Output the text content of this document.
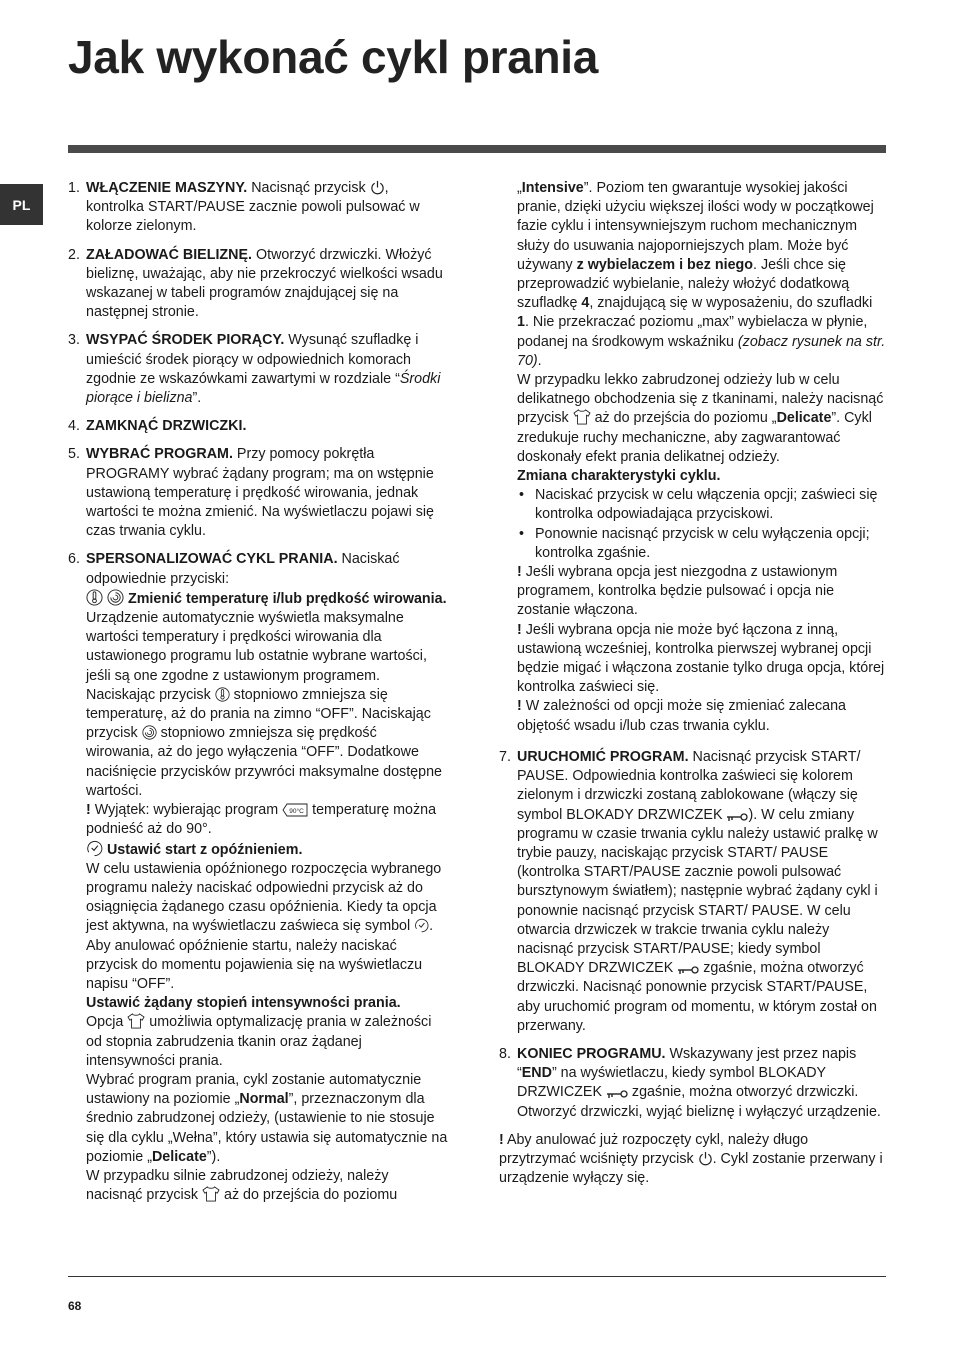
Jak wykonać cykl prania
PL
1. WŁĄCZENIE MASZYNY. Nacisnąć przycisk
, kontrolka START/PAUSE zacznie powoli pulsować w kolorze zielonym.

2. ZAŁADOWAĆ BIELIZNĘ. Otworzyć drzwiczki. Włożyć bieliznę, uważając, aby nie przekroczyć wielkości wsadu wskazanej w tabeli programów znajdującej się na następnej stronie.

3. WSYPAĆ ŚRODEK PIORĄCY. Wysunąć szufladkę i umieścić środek piorący w odpowiednich komorach zgodnie ze wskazówkami zawartymi w rozdziale “Środki piorące i bielizna”.

4. ZAMKNĄĆ DRZWICZKI.

5. WYBRAĆ PROGRAM. Przy pomocy pokrętła PROGRAMY wybrać żądany program; ma on wstępnie ustawioną temperaturę i prędkość wirowania, jednak wartości te można zmienić. Na wyświetlaczu pojawi się czas trwania cyklu.

6. SPERSONALIZOWAĆ CYKL PRANIA. Naciskać odpowiednie przyciski:

Zmienić temperaturę i/lub prędkość wirowania. Urządzenie automatycznie wyświetla maksymalne wartości temperatury i prędkości wirowania dla ustawionego programu lub ostatnie wybrane wartości, jeśli są one zgodne z ustawionym programem. Naciskając przycisk
stopniowo zmniejsza się temperaturę, aż do prania na zimno “OFF”. Naciskając przycisk
stopniowo zmniejsza się prędkość wirowania, aż do jego wyłączenia “OFF”. Dodatkowe naciśnięcie przycisków przywróci maksymalne dostępne wartości.

! Wyjątek: wybierając program 90°C temperaturę można podnieść aż do 90°.

Ustawić start z opóźnieniem.
W celu ustawienia opóźnionego rozpoczęcia wybranego programu należy naciskać odpowiedni przycisk aż do osiągnięcia żądanego czasu opóźnienia. Kiedy ta opcja jest aktywna, na wyświetlaczu zaświeca się symbol
. Aby anulować opóźnienie startu, należy naciskać przycisk do momentu pojawienia się na wyświetlaczu napisu “OFF”.

Ustawić żądany stopień intensywności prania.
Opcja
umożliwia optymalizację prania w zależności od stopnia zabrudzenia tkanin oraz żądanej intensywności prania.
Wybrać program prania, cykl zostanie automatycznie ustawiony na poziomie „Normal”, przeznaczonym dla średnio zabrudzonej odzieży, (ustawienie to nie stosuje się dla cyklu „Wełna”, który ustawia się automatycznie na poziomie „Delicate”).
W przypadku silnie zabrudzonej odzieży, należy nacisnąć przycisk
aż do przejścia do poziomu

„Intensive”. Poziom ten gwarantuje wysokiej jakości pranie, dzięki użyciu większej ilości wody w początkowej fazie cyklu i intensywniejszym ruchom mechanicznym służy do usuwania najoporniejszych plam. Może być używany z wybielaczem i bez niego. Jeśli chce się przeprowadzić wybielanie, należy włożyć dodatkową szufladkę 4, znajdującą się w wyposażeniu, do szufladki 1. Nie przekraczać poziomu „max” wybielacza w płynie, podanej na środkowym wskaźniku (zobacz rysunek na str. 70).
W przypadku lekko zabrudzonej odzieży lub w celu delikatnego obchodzenia się z tkaninami, należy nacisnąć przycisk
aż do przejścia do poziomu „Delicate”. Cykl zredukuje ruchy mechaniczne, aby zagwarantować doskonały efekt prania delikatnej odzieży.

Zmiana charakterystyki cyklu.

• Naciskać przycisk w celu włączenia opcji; zaświeci się kontrolka odpowiadająca przyciskowi.
• Ponownie nacisnąć przycisk w celu wyłączenia opcji; kontrolka zgaśnie.

! Jeśli wybrana opcja jest niezgodna z ustawionym programem, kontrolka będzie pulsować i opcja nie zostanie włączona.

! Jeśli wybrana opcja nie może być łączona z inną, ustawioną wcześniej, kontrolka pierwszej wybranej opcji będzie migać i włączona zostanie tylko druga opcja, której kontrolka zaświeci się.

! W zależności od opcji może się zmieniać zalecana objętość wsadu i/lub czas trwania cyklu.

7. URUCHOMIĆ PROGRAM. Nacisnąć przycisk START/ PAUSE. Odpowiednia kontrolka zaświeci się kolorem zielonym i drzwiczki zostaną zablokowane (włączy się symbol BLOKADY DRZWICZEK
). W celu zmiany programu w czasie trwania cyklu należy ustawić pralkę w trybie pauzy, naciskając przycisk START/ PAUSE (kontrolka START/PAUSE zacznie powoli pulsować bursztynowym światłem); następnie wybrać żądany cykl i ponownie nacisnąć przycisk START/ PAUSE. W celu otwarcia drzwiczek w trakcie trwania cyklu należy nacisnąć przycisk START/PAUSE; kiedy symbol BLOKADY DRZWICZEK
zgaśnie, można otworzyć drzwiczki. Nacisnąć ponownie przycisk START/PAUSE, aby uruchomić program od momentu, w którym został on przerwany.

8. KONIEC PROGRAMU. Wskazywany jest przez napis “END” na wyświetlaczu, kiedy symbol BLOKADY DRZWICZEK
zgaśnie, można otworzyć drzwiczki. Otworzyć drzwiczki, wyjąć bieliznę i wyłączyć urządzenie.

! Aby anulować już rozpoczęty cykl, należy długo przytrzymać wciśnięty przycisk
. Cykl zostanie przerwany i urządzenie wyłączy się.

68
